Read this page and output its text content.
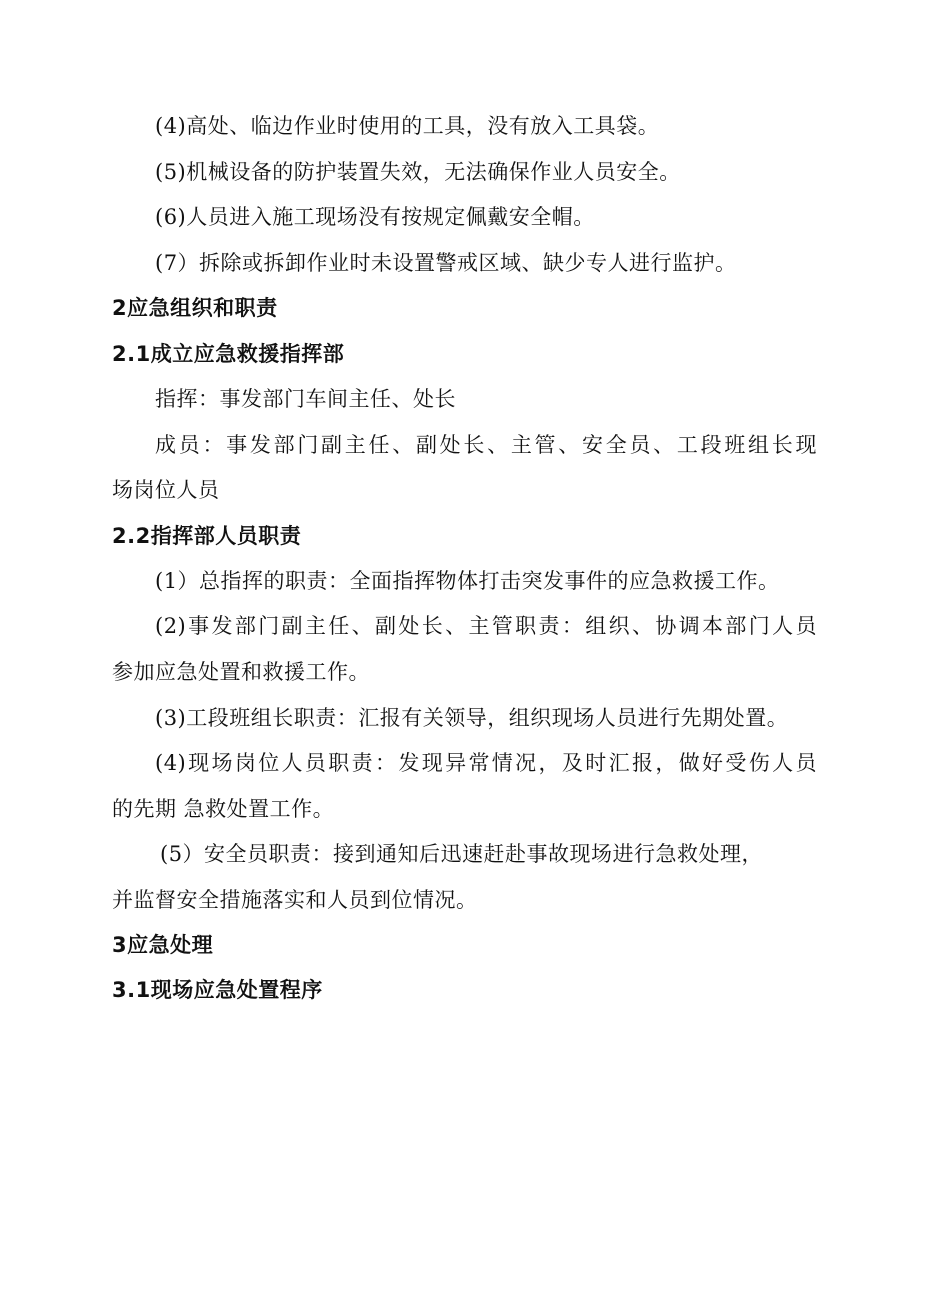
(4)高处、临边作业时使用的工具，没有放入工具袋。
(5)机械设备的防护装置失效，无法确保作业人员安全。
(6)人员进入施工现场没有按规定佩戴安全帽。
(7）拆除或拆卸作业时未设置警戒区域、缺少专人进行监护。
2应急组织和职责
2.1成立应急救援指挥部
指挥：事发部门车间主任、处长
成员：事发部门副主任、副处长、主管、安全员、工段班组长现
场岗位人员
2.2指挥部人员职责
(1）总指挥的职责：全面指挥物体打击突发事件的应急救援工作。
(2)事发部门副主任、副处长、主管职责：组织、协调本部门人员
参加应急处置和救援工作。
(3)工段班组长职责：汇报有关领导，组织现场人员进行先期处置。
(4)现场岗位人员职责：发现异常情况，及时汇报，做好受伤人员
的先期 急救处置工作。
(5）安全员职责：接到通知后迅速赶赴事故现场进行急救处理，
并监督安全措施落实和人员到位情况。
3应急处理
3.1现场应急处置程序
